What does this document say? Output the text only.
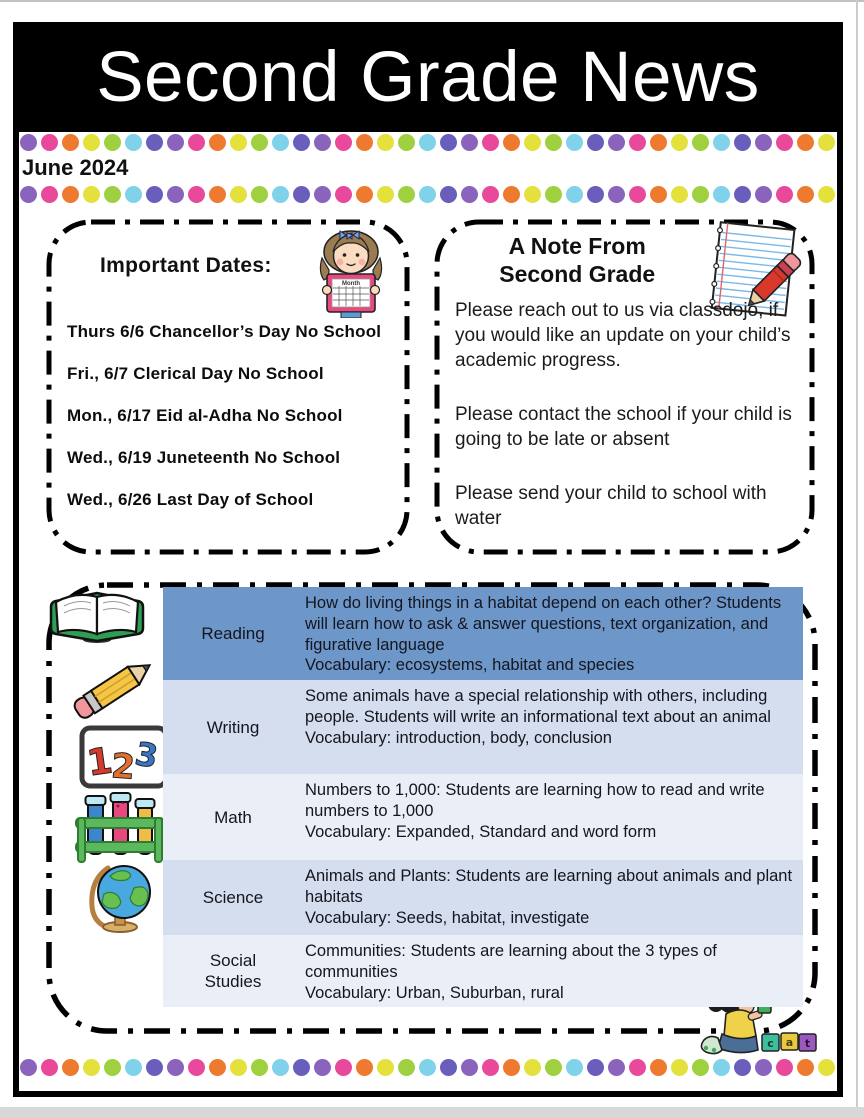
Second Grade News
June 2024
Important Dates:
Month
Thurs 6/6 Chancellor’s Day No School
Fri., 6/7 Clerical Day No School
Mon., 6/17 Eid al-Adha No School
Wed., 6/19 Juneteenth No School
Wed., 6/26 Last Day of School
A Note From
Second Grade

Please reach out to us via classdojo, if you would like an update on your child’s academic progress.

Please contact the school if your child is going to be late or absent

Please send your child to school with water

1
2
3
c a t
Reading
How do living things in a habitat depend on each other? Students will learn how to ask & answer questions, text organization, and figurative language
Vocabulary: ecosystems, habitat and species
Writing
Some animals have a special relationship with others, including people. Students will write an informational text about an animal
Vocabulary: introduction, body, conclusion
Math
Numbers to 1,000: Students are learning how to read and write numbers to 1,000
Vocabulary: Expanded, Standard and word form
Science
Animals and Plants: Students are learning about animals and plant habitats
Vocabulary: Seeds, habitat, investigate
Social Studies
Communities: Students are learning about the 3 types of communities
Vocabulary: Urban, Suburban, rural
